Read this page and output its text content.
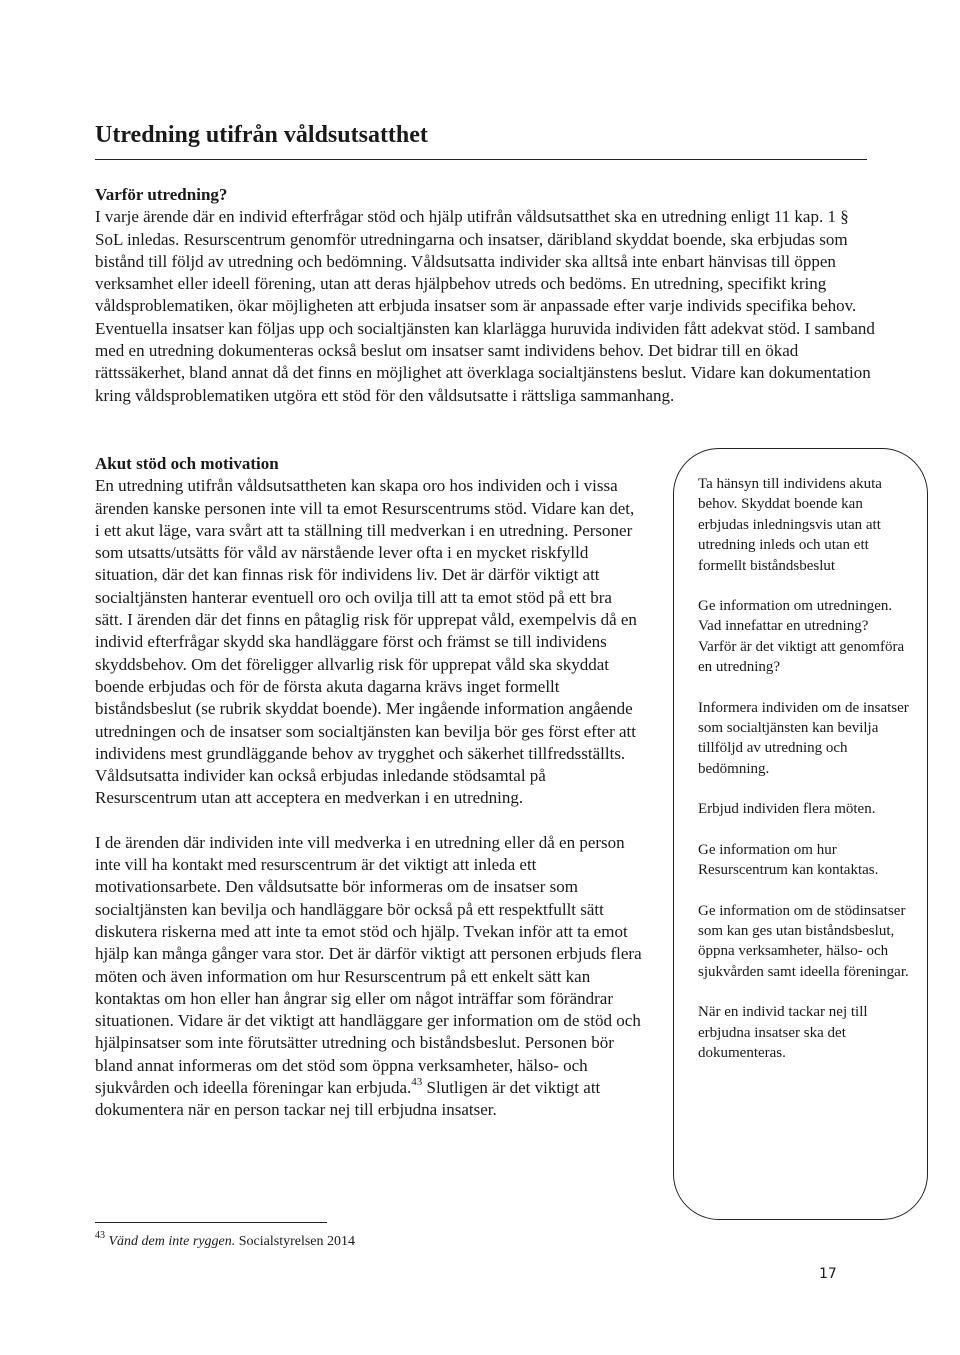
Utredning utifrån våldsutsatthet
Varför utredning?
I varje ärende där en individ efterfrågar stöd och hjälp utifrån våldsutsatthet ska en utredning enligt 11 kap. 1 § SoL inledas. Resurscentrum genomför utredningarna och insatser, däribland skyddat boende, ska erbjudas som bistånd till följd av utredning och bedömning. Våldsutsatta individer ska alltså inte enbart hänvisas till öppen verksamhet eller ideell förening, utan att deras hjälpbehov utreds och bedöms. En utredning, specifikt kring våldsproblematiken, ökar möjligheten att erbjuda insatser som är anpassade efter varje individs specifika behov. Eventuella insatser kan följas upp och socialtjänsten kan klarlägga huruvida individen fått adekvat stöd. I samband med en utredning dokumenteras också beslut om insatser samt individens behov. Det bidrar till en ökad rättssäkerhet, bland annat då det finns en möjlighet att överklaga socialtjänstens beslut. Vidare kan dokumentation kring våldsproblematiken utgöra ett stöd för den våldsutsatte i rättsliga sammanhang.
Akut stöd och motivation

En utredning utifrån våldsutsattheten kan skapa oro hos individen och i vissa ärenden kanske personen inte vill ta emot Resurscentrums stöd. Vidare kan det, i ett akut läge, vara svårt att ta ställning till medverkan i en utredning. Personer som utsatts/utsätts för våld av närstående lever ofta i en mycket riskfylld situation, där det kan finnas risk för individens liv. Det är därför viktigt att socialtjänsten hanterar eventuell oro och ovilja till att ta emot stöd på ett bra sätt. I ärenden där det finns en påtaglig risk för upprepat våld, exempelvis då en individ efterfrågar skydd ska handläggare först och främst se till individens skyddsbehov. Om det föreligger allvarlig risk för upprepat våld ska skyddat boende erbjudas och för de första akuta dagarna krävs inget formellt biståndsbeslut (se rubrik skyddat boende). Mer ingående information angående utredningen och de insatser som socialtjänsten kan bevilja bör ges först efter att individens mest grundläggande behov av trygghet och säkerhet tillfredsställts. Våldsutsatta individer kan också erbjudas inledande stödsamtal på Resurscentrum utan att acceptera en medverkan i en utredning.

I de ärenden där individen inte vill medverka i en utredning eller då en person inte vill ha kontakt med resurscentrum är det viktigt att inleda ett motivationsarbete. Den våldsutsatte bör informeras om de insatser som socialtjänsten kan bevilja och handläggare bör också på ett respektfullt sätt diskutera riskerna med att inte ta emot stöd och hjälp. Tvekan inför att ta emot hjälp kan många gånger vara stor. Det är därför viktigt att personen erbjuds flera möten och även information om hur Resurscentrum på ett enkelt sätt kan kontaktas om hon eller han ångrar sig eller om något inträffar som förändrar situationen. Vidare är det viktigt att handläggare ger information om de stöd och hjälpinsatser som inte förutsätter utredning och biståndsbeslut. Personen bör bland annat informeras om det stöd som öppna verksamheter, hälso- och sjukvården och ideella föreningar kan erbjuda.$^{43}$ Slutligen är det viktigt att dokumentera när en person tackar nej till erbjudna insatser.

Ta hänsyn till individens akuta behov. Skyddat boende kan erbjudas inledningsvis utan att utredning inleds och utan ett formellt biståndsbeslut

Ge information om utredningen. Vad innefattar en utredning? Varför är det viktigt att genomföra en utredning?

Informera individen om de insatser som socialtjänsten kan bevilja tillföljd av utredning och bedömning.

Erbjud individen flera möten.

Ge information om hur Resurscentrum kan kontaktas.

Ge information om de stödinsatser som kan ges utan biståndsbeslut, öppna verksamheter, hälso- och sjukvården samt ideella föreningar.

När en individ tackar nej till erbjudna insatser ska det dokumenteras.

$^{43}$ Vänd dem inte ryggen. Socialstyrelsen 2014
17
